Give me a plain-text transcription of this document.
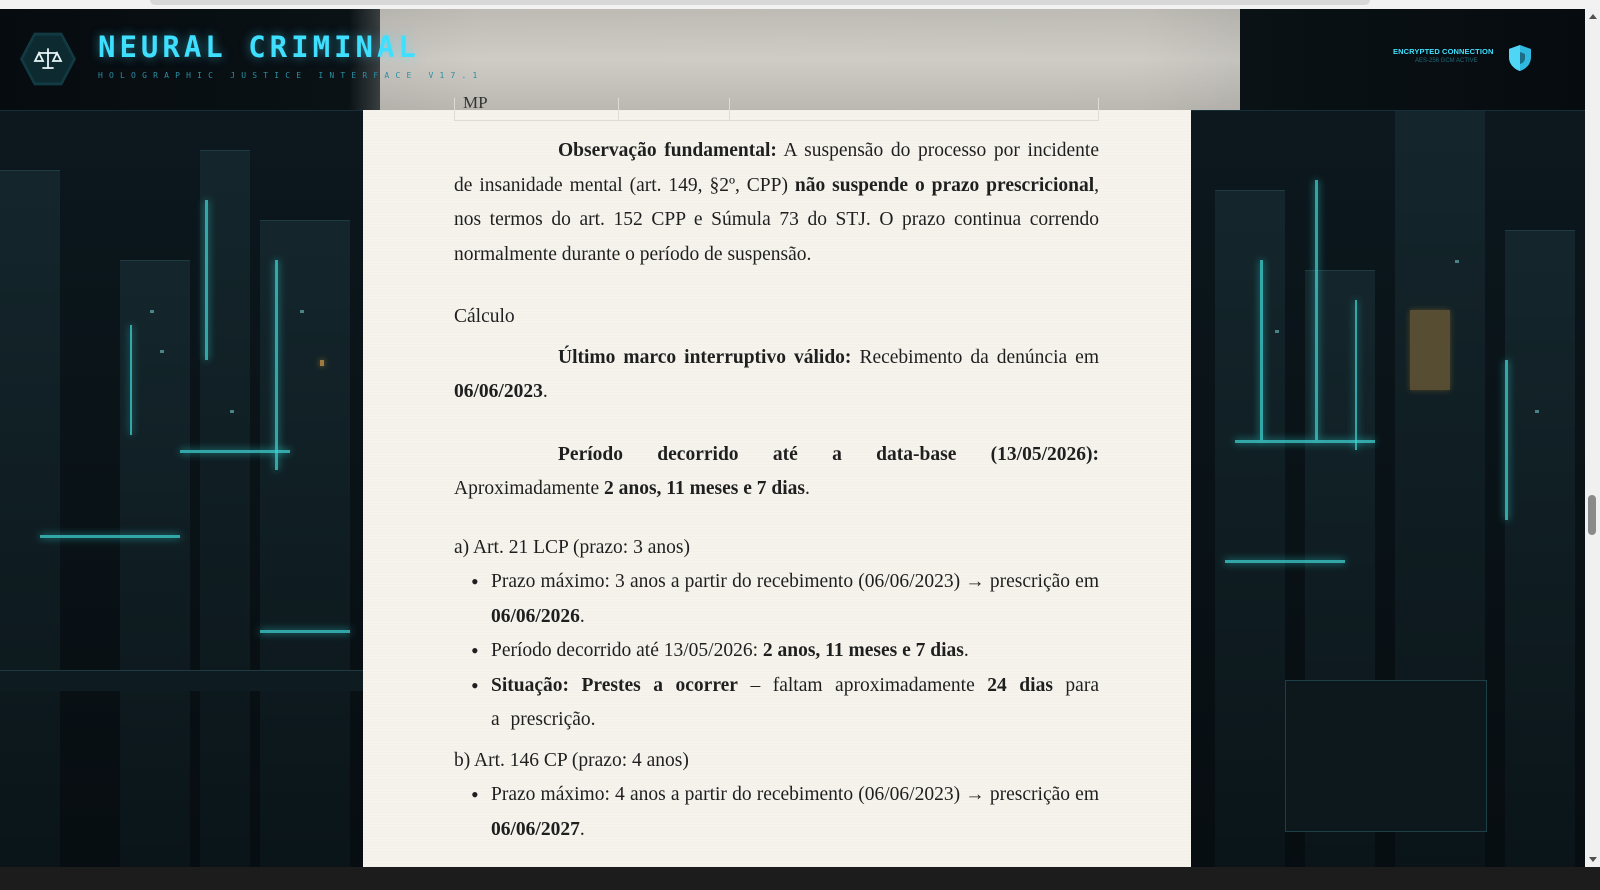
NEURAL CRIMINAL

HOLOGRAPHIC JUSTICE INTERFACE V17.1

ENCRYPTED CONNECTION
AES-256 GCM ACTIVE
MP

Observação fundamental: A suspensão do processo por incidente de insanidade mental (art. 149, §2º, CPP) não suspende o prazo prescricional, nos termos do art. 152 CPP e Súmula 73 do STJ. O prazo continua correndo normalmente durante o período de suspensão.

Cálculo

Último marco interruptivo válido: Recebimento da denúncia em 06/06/2023.

Período decorrido até a data-base (13/05/2026): Aproximadamente 2 anos, 11 meses e 7 dias.

a) Art. 21 LCP (prazo: 3 anos)

• Prazo máximo: 3 anos a partir do recebimento (06/06/2023) → prescrição em 06/06/2026.
• Período decorrido até 13/05/2026: 2 anos, 11 meses e 7 dias.
• Situação: Prestes a ocorrer – faltam aproximadamente 24 dias para a prescrição.

b) Art. 146 CP (prazo: 4 anos)

• Prazo máximo: 4 anos a partir do recebimento (06/06/2023) → prescrição em 06/06/2027.
